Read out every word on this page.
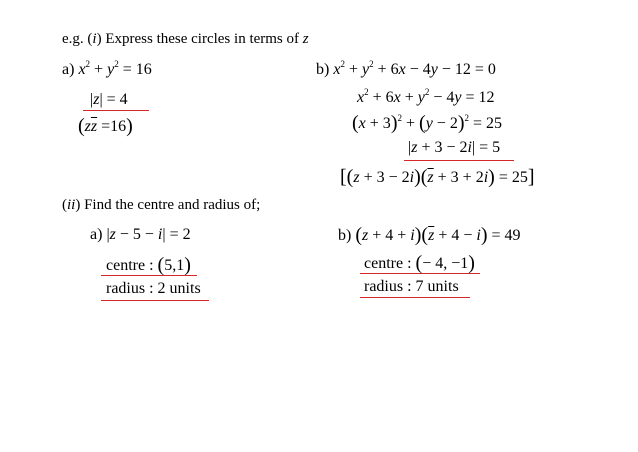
e.g. (i) Express these circles in terms of z
a) $x^2 + y^2 = 16$
|z| = 4
$(z\overline{z} =16)$
b) $x^2 + y^2 + 6x - 4y - 12 = 0$
$x^2 + 6x + y^2 - 4y = 12$
$(x + 3)^2 + (y - 2)^2 = 25$
|z + 3 − 2i| = 5
$[(z + 3 - 2i)(\overline{z} + 3 + 2i) = 25]$
(ii) Find the centre and radius of;
a) |z − 5 − i| = 2
centre : (5,1)
radius : 2 units
b) $(z + 4 + i)(\overline{z} + 4 - i) = 49$
centre : (− 4, −1)
radius : 7 units
